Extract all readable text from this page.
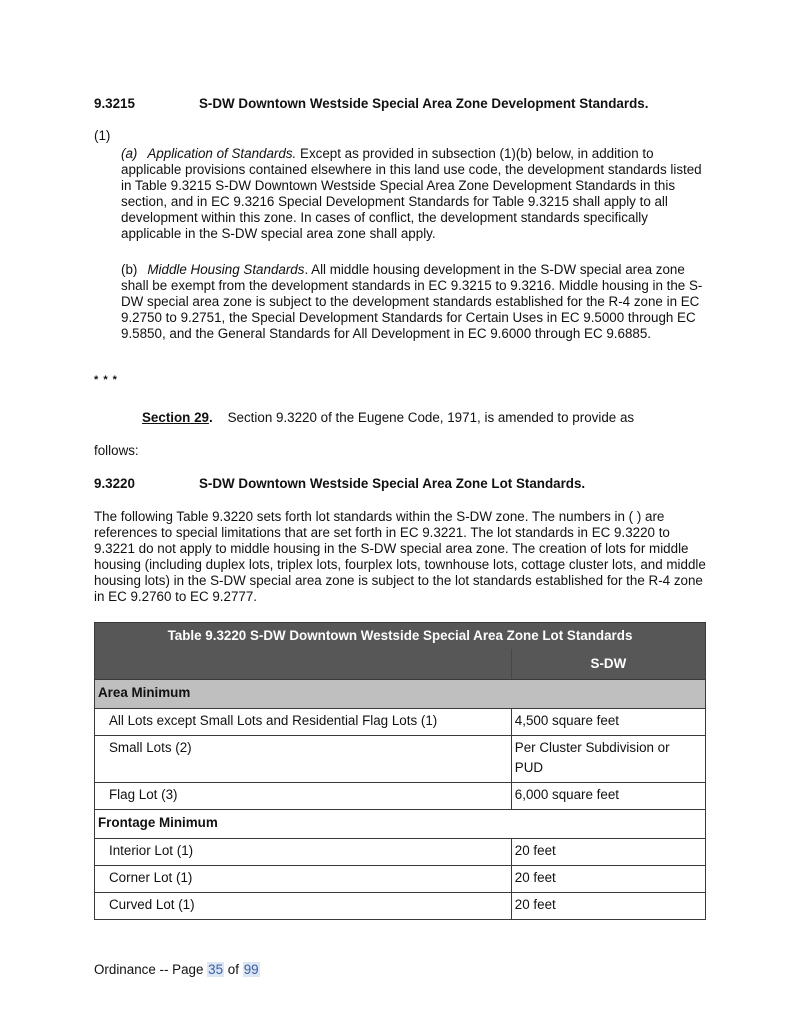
9.3215	S-DW Downtown Westside Special Area Zone Development Standards.
(1)
(a) Application of Standards. Except as provided in subsection (1)(b) below, in addition to applicable provisions contained elsewhere in this land use code, the development standards listed in Table 9.3215 S-DW Downtown Westside Special Area Zone Development Standards in this section, and in EC 9.3216 Special Development Standards for Table 9.3215 shall apply to all development within this zone. In cases of conflict, the development standards specifically applicable in the S-DW special area zone shall apply.
(b) Middle Housing Standards. All middle housing development in the S-DW special area zone shall be exempt from the development standards in EC 9.3215 to 9.3216. Middle housing in the S-DW special area zone is subject to the development standards established for the R-4 zone in EC 9.2750 to 9.2751, the Special Development Standards for Certain Uses in EC 9.5000 through EC 9.5850, and the General Standards for All Development in EC 9.6000 through EC 9.6885.
* * *
Section 29. Section 9.3220 of the Eugene Code, 1971, is amended to provide as
follows:
9.3220	S-DW Downtown Westside Special Area Zone Lot Standards.
The following Table 9.3220 sets forth lot standards within the S-DW zone. The numbers in ( ) are references to special limitations that are set forth in EC 9.3221. The lot standards in EC 9.3220 to 9.3221 do not apply to middle housing in the S-DW special area zone. The creation of lots for middle housing (including duplex lots, triplex lots, fourplex lots, townhouse lots, cottage cluster lots, and middle housing lots) in the S-DW special area zone is subject to the lot standards established for the R-4 zone in EC 9.2760 to EC 9.2777.
Table 9.3220 S-DW Downtown Westside Special Area Zone Lot Standards	
	S-DW
Area Minimum	
All Lots except Small Lots and Residential Flag Lots (1)	4,500 square feet
Small Lots (2)	Per Cluster Subdivision or PUD
Flag Lot (3)	6,000 square feet
Frontage Minimum	
Interior Lot (1)	20 feet
Corner Lot (1)	20 feet
Curved Lot (1)	20 feet
Ordinance -- Page 35 of 99
